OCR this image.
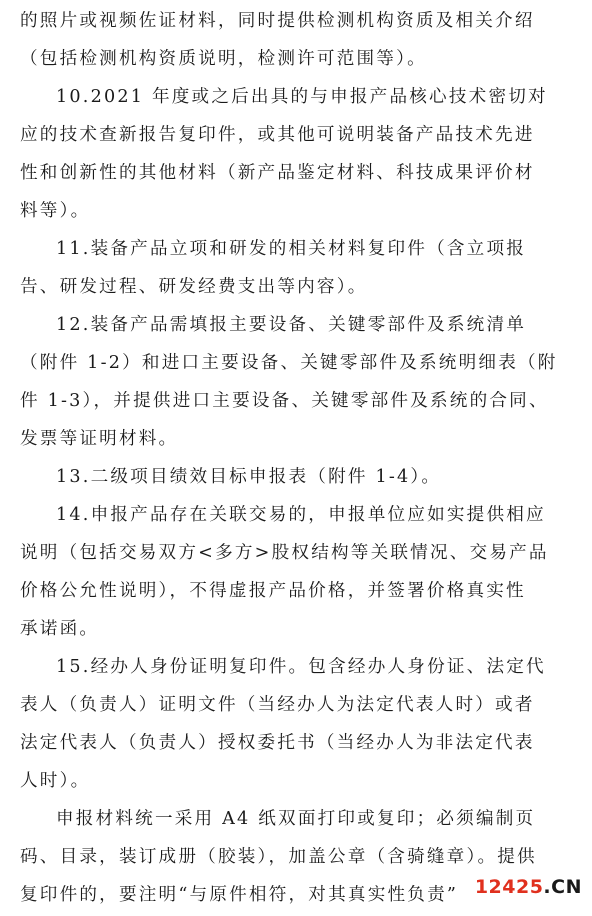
的照片或视频佐证材料，同时提供检测机构资质及相关介绍
（包括检测机构资质说明，检测许可范围等）。
10.2021 年度或之后出具的与申报产品核心技术密切对
应的技术查新报告复印件，或其他可说明装备产品技术先进
性和创新性的其他材料（新产品鉴定材料、科技成果评价材
料等）。
11.装备产品立项和研发的相关材料复印件（含立项报
告、研发过程、研发经费支出等内容）。
12.装备产品需填报主要设备、关键零部件及系统清单
（附件 1-2）和进口主要设备、关键零部件及系统明细表（附
件 1-3），并提供进口主要设备、关键零部件及系统的合同、
发票等证明材料。
13.二级项目绩效目标申报表（附件 1-4）。
14.申报产品存在关联交易的，申报单位应如实提供相应
说明（包括交易双方<多方>股权结构等关联情况、交易产品
价格公允性说明），不得虚报产品价格，并签署价格真实性
承诺函。
15.经办人身份证明复印件。包含经办人身份证、法定代
表人（负责人）证明文件（当经办人为法定代表人时）或者
法定代表人（负责人）授权委托书（当经办人为非法定代表
人时）。
申报材料统一采用 A4 纸双面打印或复印；必须编制页
码、目录，装订成册（胶装），加盖公章（含骑缝章）。提供
复印件的，要注明“与原件相符，对其真实性负责” 12425 .CN
